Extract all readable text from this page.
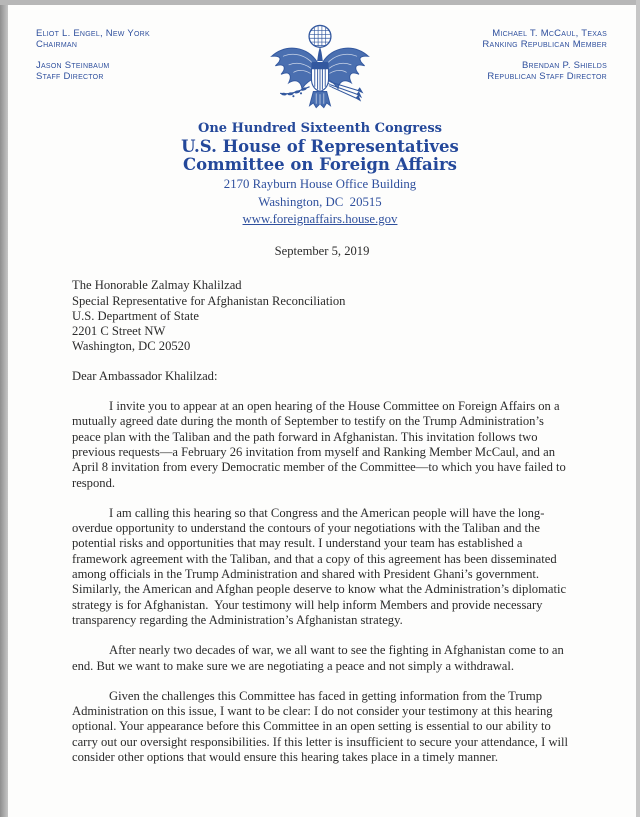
Eliot L. Engel, New York
Chairman
Jason Steinbaum
Staff Director
Michael T. McCaul, Texas
Ranking Republican Member
Brendan P. Shields
Republican Staff Director
One Hundred Sixteenth Congress
U.S. House of Representatives
Committee on Foreign Affairs
2170 Rayburn House Office Building
Washington, DC  20515
www.foreignaffairs.house.gov
September 5, 2019
The Honorable Zalmay Khalilzad
Special Representative for Afghanistan Reconciliation
U.S. Department of State
2201 C Street NW
Washington, DC 20520
Dear Ambassador Khalilzad:

I invite you to appear at an open hearing of the House Committee on Foreign Affairs on a mutually agreed date during the month of September to testify on the Trump Administration’s peace plan with the Taliban and the path forward in Afghanistan. This invitation follows two previous requests—a February 26 invitation from myself and Ranking Member McCaul, and an April 8 invitation from every Democratic member of the Committee—to which you have failed to respond.

I am calling this hearing so that Congress and the American people will have the long-overdue opportunity to understand the contours of your negotiations with the Taliban and the potential risks and opportunities that may result. I understand your team has established a framework agreement with the Taliban, and that a copy of this agreement has been disseminated among officials in the Trump Administration and shared with President Ghani’s government. Similarly, the American and Afghan people deserve to know what the Administration’s diplomatic strategy is for Afghanistan.  Your testimony will help inform Members and provide necessary transparency regarding the Administration’s Afghanistan strategy.

After nearly two decades of war, we all want to see the fighting in Afghanistan come to an end. But we want to make sure we are negotiating a peace and not simply a withdrawal.

Given the challenges this Committee has faced in getting information from the Trump Administration on this issue, I want to be clear: I do not consider your testimony at this hearing optional. Your appearance before this Committee in an open setting is essential to our ability to carry out our oversight responsibilities. If this letter is insufficient to secure your attendance, I will consider other options that would ensure this hearing takes place in a timely manner.
